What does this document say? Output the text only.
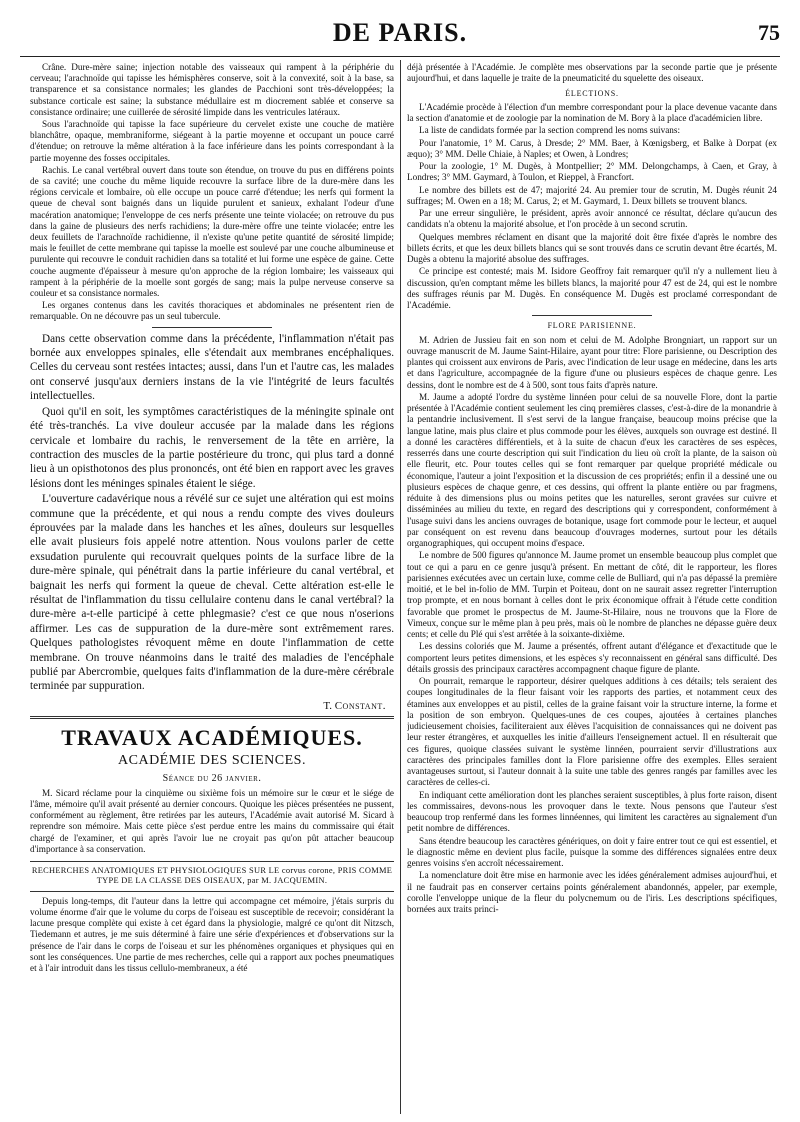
DE PARIS.	75

Crâne. Dure-mère saine; injection notable des vaisseaux qui rampent à la périphérie du cerveau; l'arachnoïde qui tapisse les hémisphères conserve, soit à la convexité, soit à la base, sa transparence et sa consistance normales; les glandes de Pacchioni sont très-développées; la substance corticale est saine; la substance médullaire est m diocrement sablée et conserve sa consistance ordinaire; une cuillerée de sérosité limpide dans les ventricules latéraux.

Sous l'arachnoïde qui tapisse la face supérieure du cervelet existe une couche de matière blanchâtre, opaque, membraniforme, siégeant à la partie moyenne et occupant un pouce carré d'étendue; on retrouve la même altération à la face inférieure dans les points correspondant à la partie moyenne des fosses occipitales.

Rachis. Le canal vertébral ouvert dans toute son étendue, on trouve du pus en différens points de sa cavité; une couche du même liquide recouvre la surface libre de la dure-mère dans les régions cervicale et lombaire, où elle occupe un pouce carré d'étendue; les nerfs qui forment la queue de cheval sont baignés dans un liquide purulent et sanieux, exhalant l'odeur d'une macération anatomique; l'enveloppe de ces nerfs présente une teinte violacée; on retrouve du pus dans la gaine de plusieurs des nerfs rachidiens; la dure-mère offre une teinte violacée; entre les deux feuillets de l'arachnoïde rachidienne, il n'existe qu'une petite quantité de sérosité limpide; mais le feuillet de cette membrane qui tapisse la moelle est soulevé par une couche albumineuse et purulente qui recouvre le conduit rachidien dans sa totalité et lui forme une espèce de gaine. Cette couche augmente d'épaisseur à mesure qu'on approche de la région lombaire; les vaisseaux qui rampent à la périphérie de la moelle sont gorgés de sang; mais la pulpe nerveuse conserve sa couleur et sa consistance normales.

Les organes contenus dans les cavités thoraciques et abdominales ne présentent rien de remarquable. On ne découvre pas un seul tubercule.

Dans cette observation comme dans la précédente, l'inflammation n'était pas bornée aux enveloppes spinales, elle s'étendait aux membranes encéphaliques. Celles du cerveau sont restées intactes; aussi, dans l'un et l'autre cas, les malades ont conservé jusqu'aux derniers instans de la vie l'intégrité de leurs facultés intellectuelles.

Quoi qu'il en soit, les symptômes caractéristiques de la méningite spinale ont été très-tranchés. La vive douleur accusée par la malade dans les régions cervicale et lombaire du rachis, le renversement de la tête en arrière, la contraction des muscles de la partie postérieure du tronc, qui plus tard a donné lieu à un opisthotonos des plus prononcés, ont été bien en rapport avec les graves lésions dont les méninges spinales étaient le siége.

L'ouverture cadavérique nous a révélé sur ce sujet une altération qui est moins commune que la précédente, et qui nous a rendu compte des vives douleurs éprouvées par la malade dans les hanches et les aînes, douleurs sur lesquelles elle avait plusieurs fois appelé notre attention. Nous voulons parler de cette exsudation purulente qui recouvrait quelques points de la surface libre de la dure-mère spinale, qui pénétrait dans la partie inférieure du canal vertébral, et baignait les nerfs qui forment la queue de cheval. Cette altération est-elle le résultat de l'inflammation du tissu cellulaire contenu dans le canal vertébral? la dure-mère a-t-elle participé à cette phlegmasie? c'est ce que nous n'oserions affirmer. Les cas de suppuration de la dure-mère sont extrêmement rares. Quelques pathologistes révoquent même en doute l'inflammation de cette membrane. On trouve néanmoins dans le traité des maladies de l'encéphale publié par Abercrombie, quelques faits d'inflammation de la dure-mère cérébrale terminée par suppuration.

T. Constant.
TRAVAUX ACADÉMIQUES.
ACADÉMIE DES SCIENCES.
Séance du 26 janvier.

M. Sicard réclame pour la cinquième ou sixième fois un mémoire sur le cœur et le siége de l'âme, mémoire qu'il avait présenté au dernier concours. Quoique les pièces présentées ne pussent, conformément au règlement, être retirées par les auteurs, l'Académie avait autorisé M. Sicard à reprendre son mémoire. Mais cette pièce s'est perdue entre les mains du commissaire qui était chargé de l'examiner, et qui après l'avoir lue ne croyait pas qu'on pût attacher beaucoup d'importance à sa conservation.

RECHERCHES ANATOMIQUES ET PHYSIOLOGIQUES SUR LE corvus corone, PRIS COMME TYPE DE LA CLASSE DES OISEAUX, par M. JACQUEMIN.

Depuis long-temps, dit l'auteur dans la lettre qui accompagne cet mémoire, j'étais surpris du volume énorme d'air que le volume du corps de l'oiseau est susceptible de recevoir; considérant la lacune presque complète qui existe à cet égard dans la physiologie, malgré ce qu'ont dit Nitzsch, Tiedemann et autres, je me suis déterminé à faire une série d'expériences et d'observations sur la présence de l'air dans le corps de l'oiseau et sur les phénomènes organiques et physiques qui en sont les conséquences. Une partie de mes recherches, celle qui a rapport aux poches pneumatiques et à l'air introduit dans les tissus cellulo-membraneux, a été

déjà présentée à l'Académie. Je complète mes observations par la seconde partie que je présente aujourd'hui, et dans laquelle je traite de la pneumaticité du squelette des oiseaux.

ÉLECTIONS.

L'Académie procède à l'élection d'un membre correspondant pour la place devenue vacante dans la section d'anatomie et de zoologie par la nomination de M. Bory à la place d'académicien libre.

La liste de candidats formée par la section comprend les noms suivans:

Pour l'anatomie, 1° M. Carus, à Dresde; 2° MM. Baer, à Kœnigsberg, et Balke à Dorpat (ex æquo); 3° MM. Delle Chiaie, à Naples; et Owen, à Londres;

Pour la zoologie, 1° M. Dugès, à Montpellier; 2° MM. Delongchamps, à Caen, et Gray, à Londres; 3° MM. Gaymard, à Toulon, et Rieppel, à Francfort.

Le nombre des billets est de 47; majorité 24. Au premier tour de scrutin, M. Dugès réunit 24 suffrages; M. Owen en a 18; M. Carus, 2; et M. Gaymard, 1. Deux billets se trouvent blancs.

Par une erreur singulière, le président, après avoir annoncé ce résultat, déclare qu'aucun des candidats n'a obtenu la majorité absolue, et l'on procède à un second scrutin.

Quelques membres réclament en disant que la majorité doit être fixée d'après le nombre des billets écrits, et que les deux billets blancs qui se sont trouvés dans ce scrutin devant être écartés, M. Dugès a obtenu la majorité absolue des suffrages.

Ce principe est contesté; mais M. Isidore Geoffroy fait remarquer qu'il n'y a nullement lieu à discussion, qu'en comptant même les billets blancs, la majorité pour 47 est de 24, qui est le nombre des suffrages réunis par M. Dugès. En conséquence M. Dugès est proclamé correspondant de l'Académie.

FLORE PARISIENNE.

M. Adrien de Jussieu fait en son nom et celui de M. Adolphe Brongniart, un rapport sur un ouvrage manuscrit de M. Jaume Saint-Hilaire, ayant pour titre: Flore parisienne, ou Description des plantes qui croissent aux environs de Paris, avec l'indication de leur usage en médecine, dans les arts et dans l'agriculture, accompagnée de la figure d'une ou plusieurs espèces de chaque genre. Les dessins, dont le nombre est de 4 à 500, sont tous faits d'après nature.

M. Jaume a adopté l'ordre du système linnéen pour celui de sa nouvelle Flore, dont la partie présentée à l'Académie contient seulement les cinq premières classes, c'est-à-dire de la monandrie à la pentandrie inclusivement. Il s'est servi de la langue française, beaucoup moins précise que la langue latine, mais plus claire et plus commode pour les élèves, auxquels son ouvrage est destiné. Il a donné les caractères différentiels, et à la suite de chacun d'eux les caractères de ses espèces, resserrés dans une courte description qui suit l'indication du lieu où croît la plante, de la saison où elle fleurit, etc. Pour toutes celles qui se font remarquer par quelque propriété médicale ou économique, l'auteur a joint l'exposition et la discussion de ces propriétés; enfin il a dessiné une ou plusieurs espèces de chaque genre, et ces dessins, qui offrent la plante entière ou par fragmens, réduite à des dimensions plus ou moins petites que les naturelles, seront gravées sur cuivre et disséminées au milieu du texte, en regard des descriptions qui y correspondent, conformément à l'usage suivi dans les anciens ouvrages de botanique, usage fort commode pour le lecteur, et auquel par conséquent on est revenu dans beaucoup d'ouvrages modernes, surtout pour les détails organographiques, qui occupent moins d'espace.

Le nombre de 500 figures qu'annonce M. Jaume promet un ensemble beaucoup plus complet que tout ce qui a paru en ce genre jusqu'à présent. En mettant de côté, dit le rapporteur, les flores parisiennes exécutées avec un certain luxe, comme celle de Bulliard, qui n'a pas dépassé la première moitié, et le bel in-folio de MM. Turpin et Poiteau, dont on ne saurait assez regretter l'interruption trop prompte, et en nous bornant à celles dont le prix économique offrait à l'étude cette condition favorable que promet le prospectus de M. Jaume-St-Hilaire, nous ne trouvons que la Flore de Vimeux, conçue sur le même plan à peu près, mais où le nombre de planches ne dépasse guère deux cents; et celle du Plé qui s'est arrêtée à la soixante-dixième.

Les dessins coloriés que M. Jaume a présentés, offrent autant d'élégance et d'exactitude que le comportent leurs petites dimensions, et les espèces s'y reconnaissent en général sans difficulté. Des détails grossis des principaux caractères accompagnent chaque figure de plante.

On pourrait, remarque le rapporteur, désirer quelques additions à ces détails; tels seraient des coupes longitudinales de la fleur faisant voir les rapports des parties, et notamment ceux des étamines aux enveloppes et au pistil, celles de la graine faisant voir la structure interne, la forme et la position de son embryon. Quelques-unes de ces coupes, ajoutées à certaines planches judicieusement choisies, faciliteraient aux élèves l'acquisition de connaissances qui ne doivent pas leur rester étrangères, et auxquelles les initie d'ailleurs l'enseignement actuel. Il en résulterait que ces figures, quoique classées suivant le système linnéen, pourraient servir d'illustrations aux caractères des principales familles dont la Flore parisienne offre des exemples. Elles seraient avantageuses surtout, si l'auteur donnait à la suite une table des genres rangés par familles avec les caractères de celles-ci.

En indiquant cette amélioration dont les planches seraient susceptibles, à plus forte raison, disent les commissaires, devons-nous les provoquer dans le texte. Nous pensons que l'auteur s'est beaucoup trop renfermé dans les formes linnéennes, qui limitent les caractères au signalement d'un petit nombre de différences.

Sans étendre beaucoup les caractères génériques, on doit y faire entrer tout ce qui est essentiel, et le diagnostic même en devient plus facile, puisque la somme des différences signalées entre deux genres voisins s'en accroît nécessairement.

La nomenclature doit être mise en harmonie avec les idées généralement admises aujourd'hui, et il ne faudrait pas en conserver certains points généralement abandonnés, appeler, par exemple, corolle l'enveloppe unique de la fleur du polycnemum ou de l'iris. Les descriptions spécifiques, bornées aux traits princi-
